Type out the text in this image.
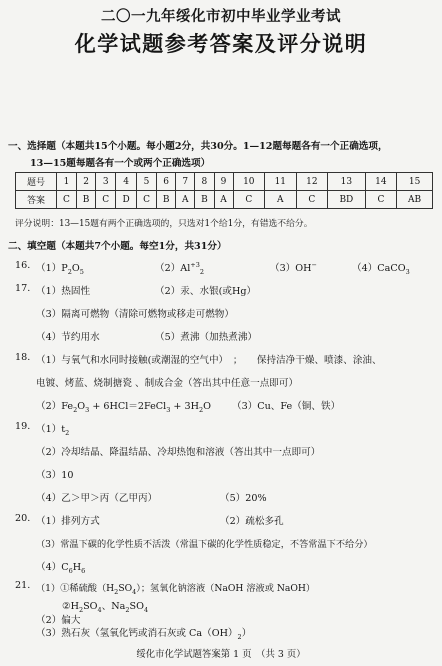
二〇一九年绥化市初中毕业学业考试
化学试题参考答案及评分说明
一、选择题（本题共15个小题。每小题2分，共30分。1—12题每题各有一个正确选项，
13—15题每题各有一个或两个正确选项）
题号	1	2	3	4	5	6	7	8	9	10	11	12	13	14	15
答案	C	B	C	D	C	B	A	B	A	C	A	C	BD	C	AB
评分说明：13—15题有两个正确选项的，只选对1个给1分，有错选不给分。
二、填空题（本题共7个小题。每空1分，共31分）
16. $(1)P_2O_5$	$(2)Al^{+3}_2$	（3）OH−	（4）CaCO$_3$
17. （1）热固性	（2）汞、水银(或Hg）
（3）隔离可燃物（清除可燃物或移走可燃物）
（4）节约用水	（5）煮沸（加热煮沸）
18. （1）与氧气和水同时接触(或潮湿的空气中）　；　　保持洁净干燥、喷漆、涂油、
电镀、烤蓝、烧制搪瓷 、制成合金（答出其中任意一点即可）
$(2)Fe_2O_3$ + 6HCl＝2FeCl$_3$ + $3H_2O$ （3）Cu、Fe（铜、铁）
19. $(1)t_2$
（2）冷却结晶、降温结晶、冷却热饱和溶液（答出其中一点即可）
（3）10
（4）乙＞甲＞丙（乙甲丙）	（5）20%
20. （1）排列方式	（2）疏松多孔
（3）常温下碳的化学性质不活泼（常温下碳的化学性质稳定，不答常温下不给分）
$(4)C_6H_6$
21. （1）①稀硫酸$(H_2SO_4)$；氢氧化钠溶液（NaOH 溶液或 NaOH）
$②H_2SO_4$、$Na_2SO_4$
（2）偏大
（3）熟石灰（氢氧化钙或消石灰或 $Ca(OH)_2$）
绥化市化学试题答案第 1 页　（共 3 页）
